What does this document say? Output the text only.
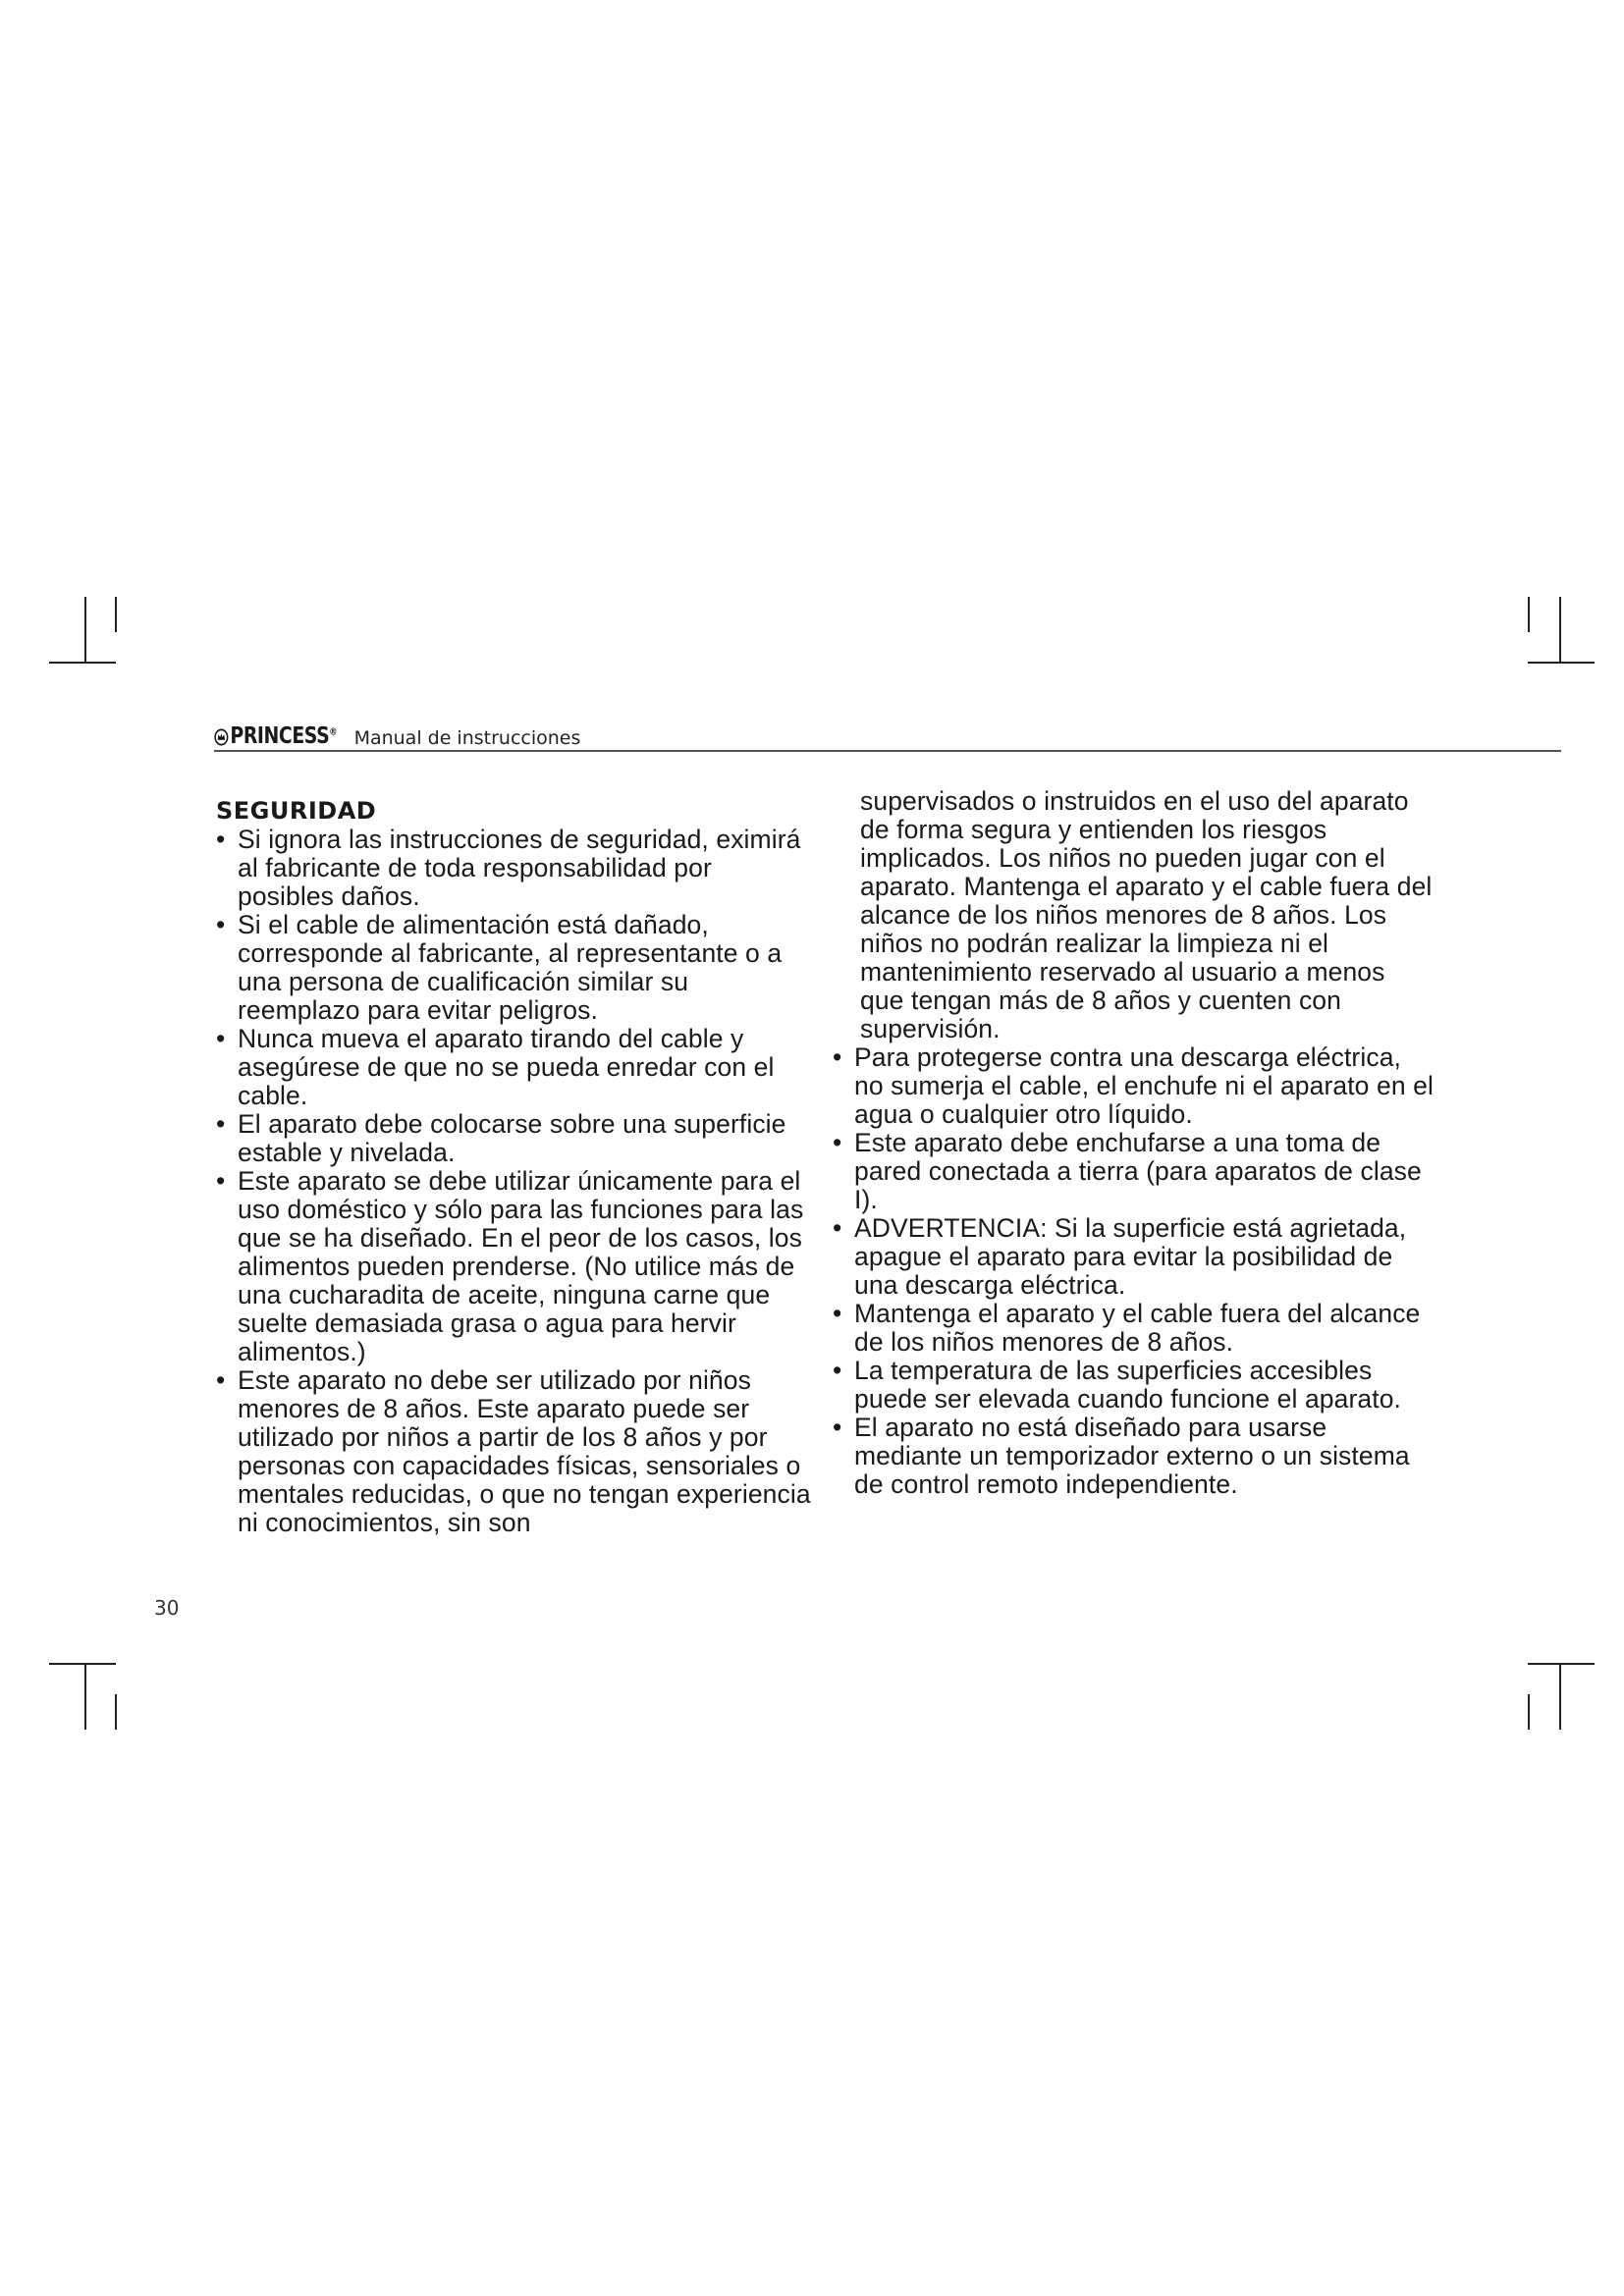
PRINCESS® Manual de instrucciones
SEGURIDAD
• Si ignora las instrucciones de seguridad, eximirá al fabricante de toda responsabilidad por posibles daños.
• Si el cable de alimentación está dañado, corresponde al fabricante, al representante o a una persona de cualificación similar su reemplazo para evitar peligros.
• Nunca mueva el aparato tirando del cable y asegúrese de que no se pueda enredar con el cable.
• El aparato debe colocarse sobre una superficie estable y nivelada.
• Este aparato se debe utilizar únicamente para el uso doméstico y sólo para las funciones para las que se ha diseñado. En el peor de los casos, los alimentos pueden prenderse. (No utilice más de una cucharadita de aceite, ninguna carne que suelte demasiada grasa o agua para hervir alimentos.)
• Este aparato no debe ser utilizado por niños menores de 8 años. Este aparato puede ser utilizado por niños a partir de los 8 años y por personas con capacidades físicas, sensoriales o mentales reducidas, o que no tengan experiencia ni conocimientos, sin son

supervisados o instruidos en el uso del aparato de forma segura y entienden los riesgos implicados. Los niños no pueden jugar con el aparato. Mantenga el aparato y el cable fuera del alcance de los niños menores de 8 años. Los niños no podrán realizar la limpieza ni el mantenimiento reservado al usuario a menos que tengan más de 8 años y cuenten con supervisión.

• Para protegerse contra una descarga eléctrica, no sumerja el cable, el enchufe ni el aparato en el agua o cualquier otro líquido.
• Este aparato debe enchufarse a una toma de pared conectada a tierra (para aparatos de clase I).
• ADVERTENCIA: Si la superficie está agrietada, apague el aparato para evitar la posibilidad de una descarga eléctrica.
• Mantenga el aparato y el cable fuera del alcance de los niños menores de 8 años.
• La temperatura de las superficies accesibles puede ser elevada cuando funcione el aparato.
• El aparato no está diseñado para usarse mediante un temporizador externo o un sistema de control remoto independiente.
30
